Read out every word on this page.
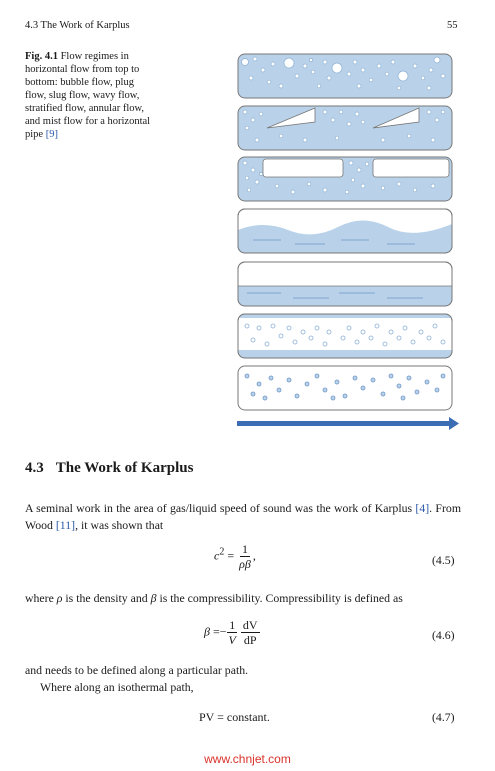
4.3 The Work of Karplus	55
Fig. 4.1 Flow regimes in horizontal flow from top to bottom: bubble flow, plug flow, slug flow, wavy flow, stratified flow, annular flow, and mist flow for a horizontal pipe [9]
4.3 The Work of Karplus
A seminal work in the area of gas/liquid speed of sound was the work of Karplus [4]. From Wood [11], it was shown that
$c^2 = \frac{1}{\rho\beta}$ ,	(4.5)
where ρ is the density and β is the compressibility. Compressibility is defined as
$\beta =- \frac{1}{V}$
$\frac{dV}{dP}$	(4.6)
and needs to be defined along a particular path.
Where along an isothermal path,
PV = constant.	(4.7)
www.chnjet.com
